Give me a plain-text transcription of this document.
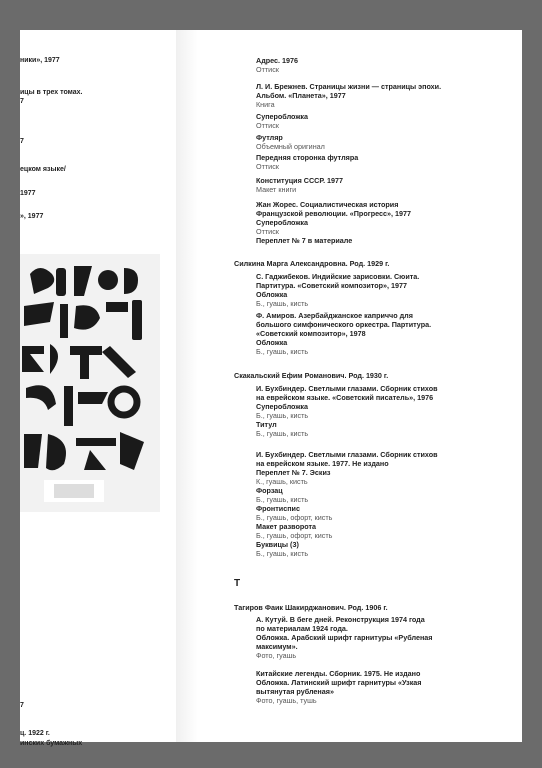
ники», 1977
ицы в трех томах.
7
7
ецком языке/
1977
», 1977
7
ц. 1922 г.
инских бумажных
Адрес. 1976
Оттиск
Л. И. Брежнев. Страницы жизни — страницы эпохи.
Альбом. «Планета», 1977
Книга
Суперобложка
Оттиск
Футляр
Объемный оригинал
Передняя сторонка футляра
Оттиск
Конституция СССР. 1977
Макет книги
Жан Жорес. Социалистическая история
Французской революции. «Прогресс», 1977
Суперобложка
Оттиск
Переплет № 7 в материале
Силкина Марга Александровна. Род. 1929 г.
С. Гаджибеков. Индийские зарисовки. Сюита.
Партитура. «Советский композитор», 1977
Обложка
Б., гуашь, кисть
Ф. Амиров. Азербайджанское каприччо для
большого симфонического оркестра. Партитура.
«Советский композитор», 1978
Обложка
Б., гуашь, кисть
Скакальский Ефим Романович. Род. 1930 г.
И. Бухбиндер. Светлыми глазами. Сборник стихов
на еврейском языке. «Советский писатель», 1976
Суперобложка
Б., гуашь, кисть
Титул
Б., гуашь, кисть
И. Бухбиндер. Светлыми глазами. Сборник стихов
на еврейском языке. 1977. Не издано
Переплет № 7. Эскиз
К., гуашь, кисть
Форзац
Б., гуашь, кисть
Фронтиспис
Б., гуашь, офорт, кисть
Макет разворота
Б., гуашь, офорт, кисть
Буквицы (3)
Б., гуашь, кисть
Т
Тагиров Фаик Шакирджанович. Род. 1906 г.
А. Кутуй. В беге дней. Реконструкция 1974 года
по материалам 1924 года.
Обложка. Арабский шрифт гарнитуры «Рубленая
максимум».
Фото, гуашь
Китайские легенды. Сборник. 1975. Не издано
Обложка. Латинский шрифт гарнитуры «Узкая
вытянутая рубленая»
Фото, гуашь, тушь
